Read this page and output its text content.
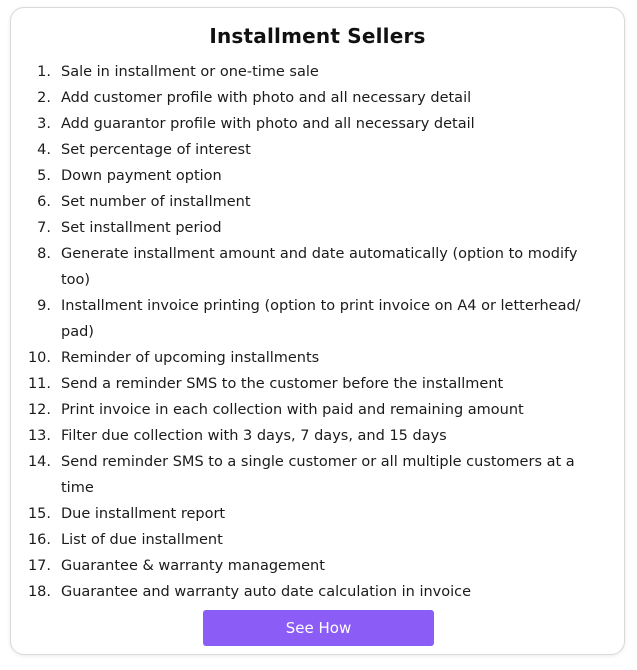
Installment Sellers
1. Sale in installment or one-time sale
2. Add customer profile with photo and all necessary detail
3. Add guarantor profile with photo and all necessary detail
4. Set percentage of interest
5. Down payment option
6. Set number of installment
7. Set installment period
8. Generate installment amount and date automatically (option to modify too)
9. Installment invoice printing (option to print invoice on A4 or letterhead/ pad)
10. Reminder of upcoming installments
11. Send a reminder SMS to the customer before the installment
12. Print invoice in each collection with paid and remaining amount
13. Filter due collection with 3 days, 7 days, and 15 days
14. Send reminder SMS to a single customer or all multiple customers at a time
15. Due installment report
16. List of due installment
17. Guarantee & warranty management
18. Guarantee and warranty auto date calculation in invoice
See How
